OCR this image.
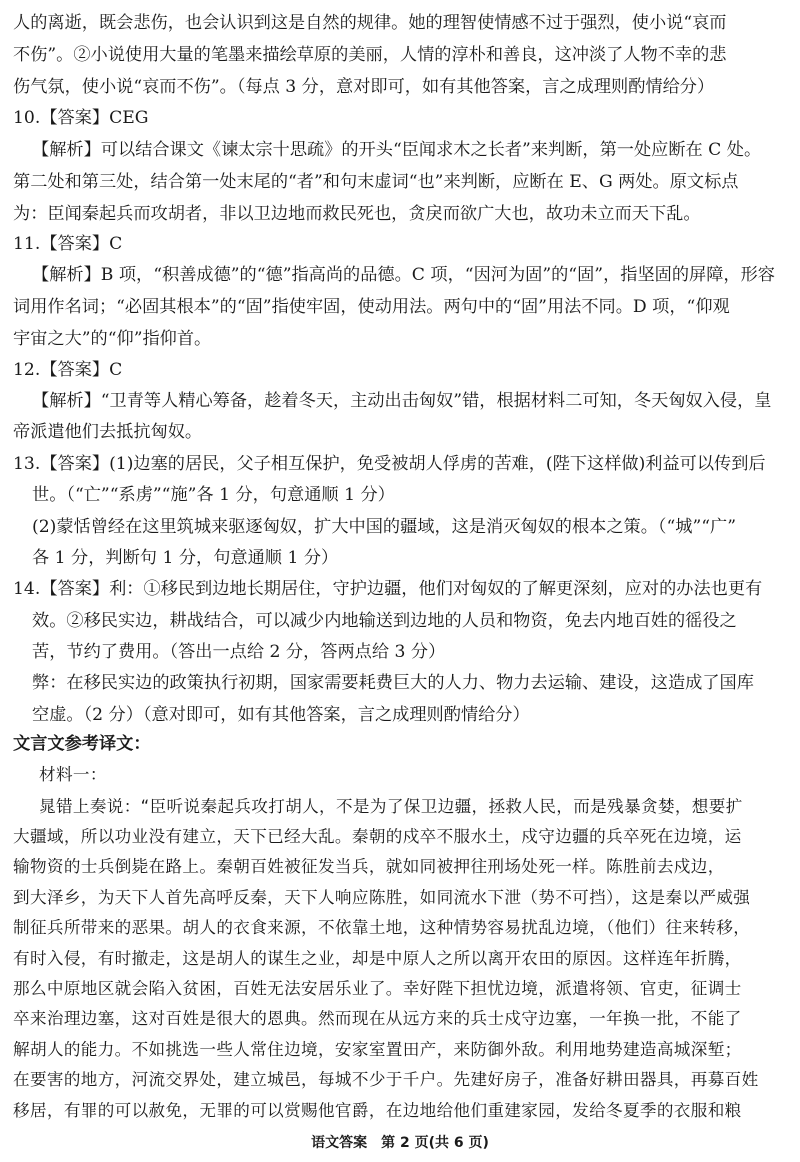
人的离逝，既会悲伤，也会认识到这是自然的规律。她的理智使情感不过于强烈，使小说“哀而
不伤”。②小说使用大量的笔墨来描绘草原的美丽，人情的淳朴和善良，这冲淡了人物不幸的悲
伤气氛，使小说“哀而不伤”。（每点 3 分，意对即可，如有其他答案，言之成理则酌情给分）
10.【答案】CEG
【解析】可以结合课文《谏太宗十思疏》的开头“臣闻求木之长者”来判断，第一处应断在 C 处。
第二处和第三处，结合第一处末尾的“者”和句末虚词“也”来判断，应断在 E、G 两处。原文标点
为：臣闻秦起兵而攻胡者，非以卫边地而救民死也，贪戾而欲广大也，故功未立而天下乱。
11.【答案】C
【解析】B 项，“积善成德”的“德”指高尚的品德。C 项，“因河为固”的“固”，指坚固的屏障，形容
词用作名词；“必固其根本”的“固”指使牢固，使动用法。两句中的“固”用法不同。D 项，“仰观
宇宙之大”的“仰”指仰首。
12.【答案】C
【解析】“卫青等人精心筹备，趁着冬天，主动出击匈奴”错，根据材料二可知，冬天匈奴入侵，皇
帝派遣他们去抵抗匈奴。
13.【答案】(1)边塞的居民，父子相互保护，免受被胡人俘虏的苦难，(陛下这样做)利益可以传到后
世。（“亡”“系虏”“施”各 1 分，句意通顺 1 分）
(2)蒙恬曾经在这里筑城来驱逐匈奴，扩大中国的疆域，这是消灭匈奴的根本之策。（“城”“广”
各 1 分，判断句 1 分，句意通顺 1 分）
14.【答案】利：①移民到边地长期居住，守护边疆，他们对匈奴的了解更深刻，应对的办法也更有
效。②移民实边，耕战结合，可以减少内地输送到边地的人员和物资，免去内地百姓的徭役之
苦，节约了费用。（答出一点给 2 分，答两点给 3 分）
弊：在移民实边的政策执行初期，国家需要耗费巨大的人力、物力去运输、建设，这造成了国库
空虚。（2 分）（意对即可，如有其他答案，言之成理则酌情给分）
文言文参考译文：
材料一：
晁错上奏说：“臣听说秦起兵攻打胡人，不是为了保卫边疆，拯救人民，而是残暴贪婪，想要扩
大疆域，所以功业没有建立，天下已经大乱。秦朝的戍卒不服水土，戍守边疆的兵卒死在边境，运
输物资的士兵倒毙在路上。秦朝百姓被征发当兵，就如同被押往刑场处死一样。陈胜前去戍边，
到大泽乡，为天下人首先高呼反秦，天下人响应陈胜，如同流水下泄（势不可挡），这是秦以严威强
制征兵所带来的恶果。胡人的衣食来源，不依靠土地，这种情势容易扰乱边境，（他们）往来转移，
有时入侵，有时撤走，这是胡人的谋生之业，却是中原人之所以离开农田的原因。这样连年折腾，
那么中原地区就会陷入贫困，百姓无法安居乐业了。幸好陛下担忧边境，派遣将领、官吏，征调士
卒来治理边塞，这对百姓是很大的恩典。然而现在从远方来的兵士戍守边塞，一年换一批，不能了
解胡人的能力。不如挑选一些人常住边境，安家室置田产，来防御外敌。利用地势建造高城深堑；
在要害的地方，河流交界处，建立城邑，每城不少于千户。先建好房子，准备好耕田器具，再募百姓
移居，有罪的可以赦免，无罪的可以赏赐他官爵，在边地给他们重建家园，发给冬夏季的衣服和粮
语文答案　第 2 页(共 6 页)
